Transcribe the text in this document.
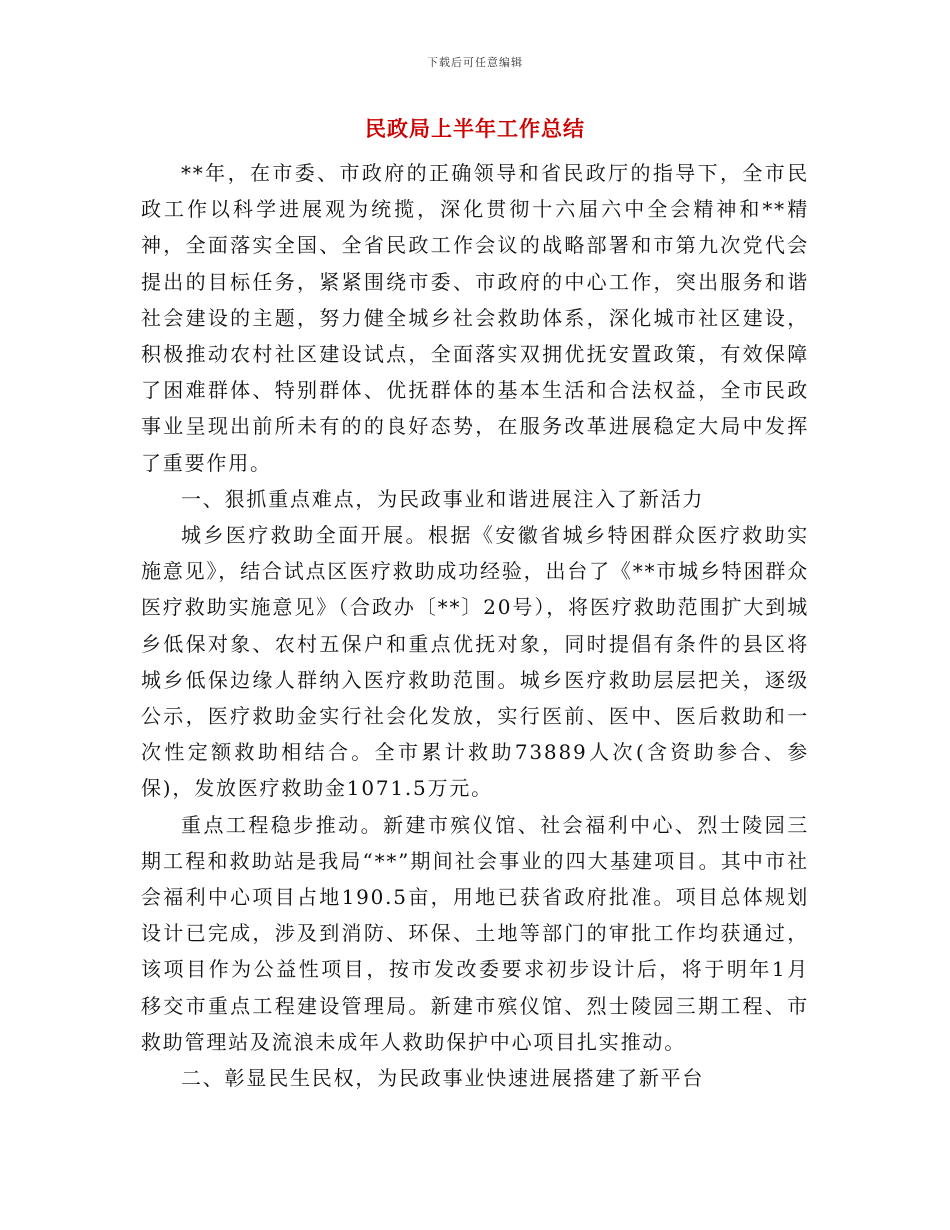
下载后可任意编辑
民政局上半年工作总结

**年，在市委、市政府的正确领导和省民政厅的指导下，全市民政工作以科学进展观为统揽，深化贯彻十六届六中全会精神和**精神，全面落实全国、全省民政工作会议的战略部署和市第九次党代会提出的目标任务，紧紧围绕市委、市政府的中心工作，突出服务和谐社会建设的主题，努力健全城乡社会救助体系，深化城市社区建设，积极推动农村社区建设试点，全面落实双拥优抚安置政策，有效保障了困难群体、特别群体、优抚群体的基本生活和合法权益，全市民政事业呈现出前所未有的的良好态势，在服务改革进展稳定大局中发挥了重要作用。

一、狠抓重点难点，为民政事业和谐进展注入了新活力

城乡医疗救助全面开展。根据《安徽省城乡特困群众医疗救助实施意见》，结合试点区医疗救助成功经验，出台了《**市城乡特困群众医疗救助实施意见》（合政办〔**〕20号），将医疗救助范围扩大到城乡低保对象、农村五保户和重点优抚对象，同时提倡有条件的县区将城乡低保边缘人群纳入医疗救助范围。城乡医疗救助层层把关，逐级公示，医疗救助金实行社会化发放，实行医前、医中、医后救助和一次性定额救助相结合。全市累计救助73889人次(含资助参合、参保)，发放医疗救助金1071.5万元。

重点工程稳步推动。新建市殡仪馆、社会福利中心、烈士陵园三期工程和救助站是我局“**”期间社会事业的四大基建项目。其中市社会福利中心项目占地190.5亩，用地已获省政府批准。项目总体规划设计已完成，涉及到消防、环保、土地等部门的审批工作均获通过，该项目作为公益性项目，按市发改委要求初步设计后，将于明年1月移交市重点工程建设管理局。新建市殡仪馆、烈士陵园三期工程、市救助管理站及流浪未成年人救助保护中心项目扎实推动。

二、彰显民生民权，为民政事业快速进展搭建了新平台
